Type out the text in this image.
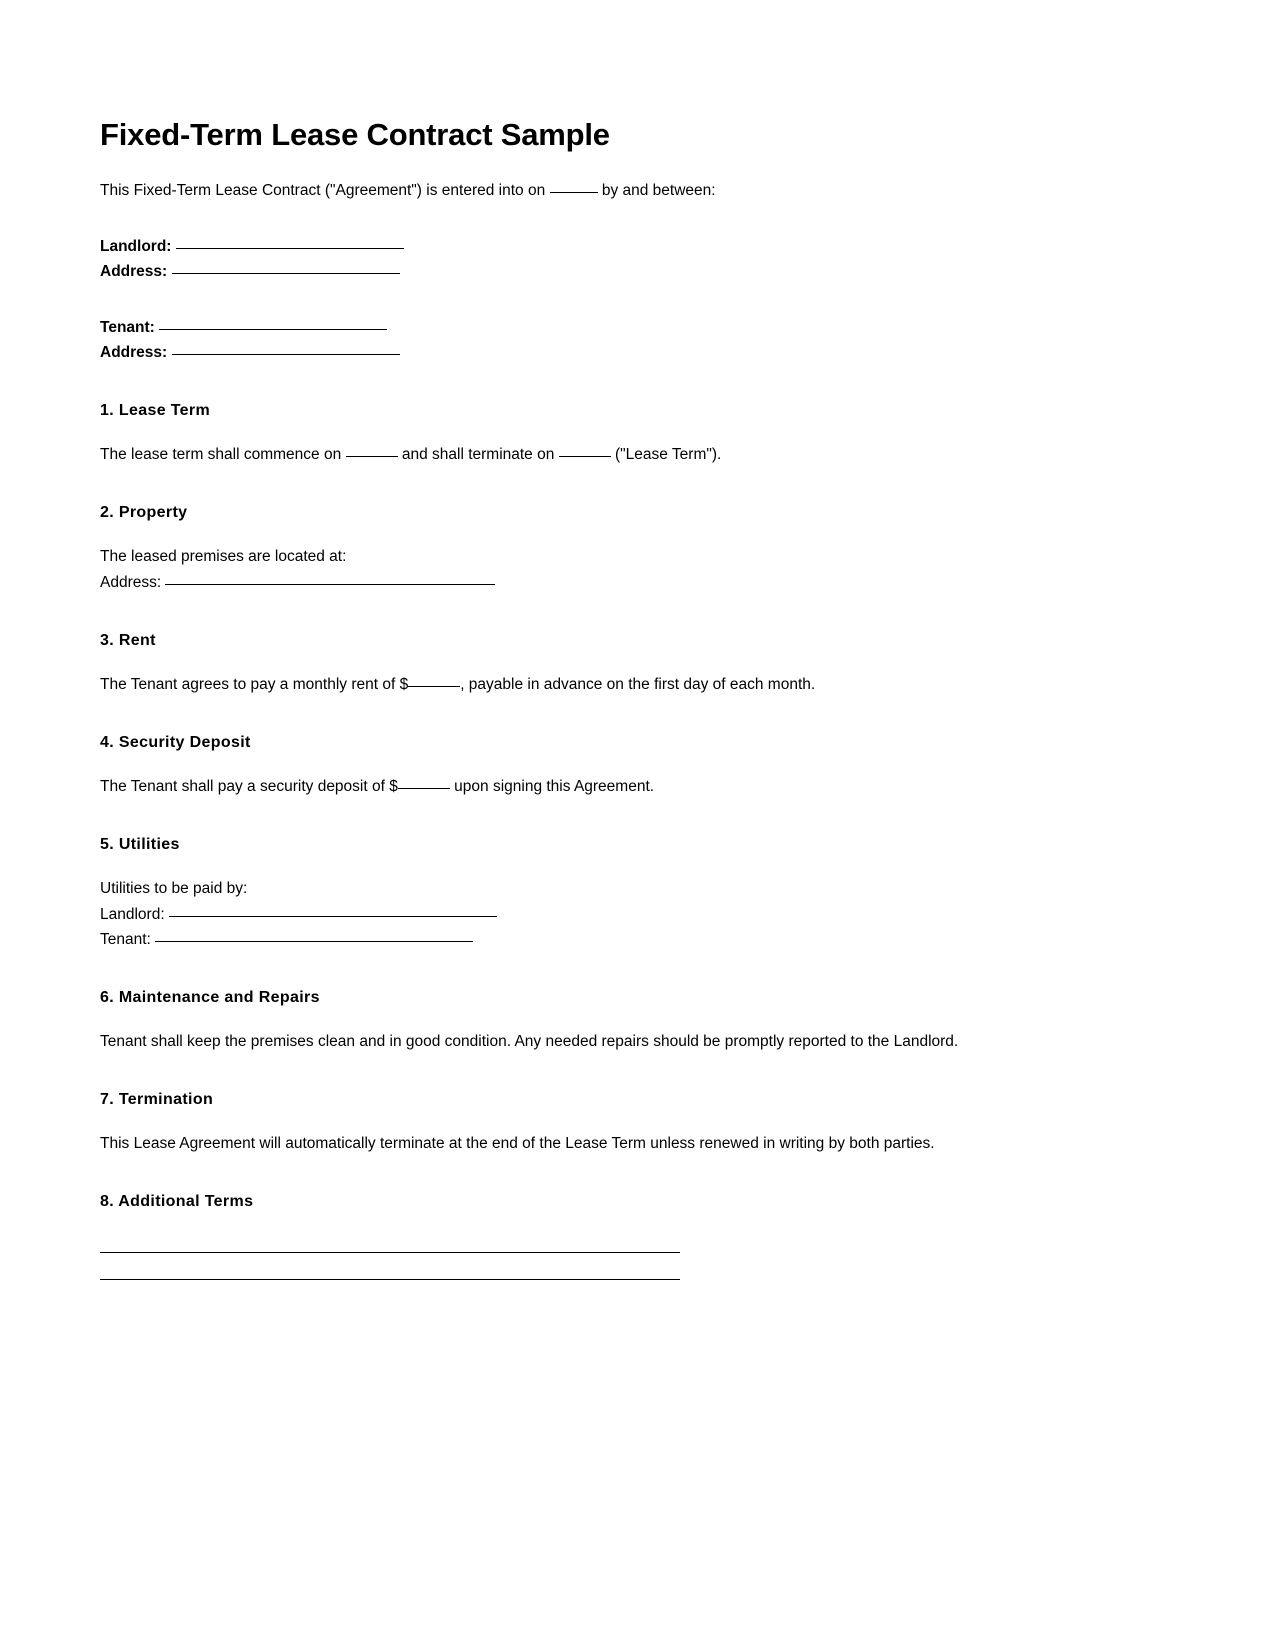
Fixed-Term Lease Contract Sample

This Fixed-Term Lease Contract ("Agreement") is entered into on	by and between:

Landlord:
Address:
Tenant:
Address:
1. Lease Term
The lease term shall commence on	and shall terminate on	("Lease Term").
2. Property
The leased premises are located at:
Address:
3. Rent
The Tenant agrees to pay a monthly rent of $	, payable in advance on the first day of each month.
4. Security Deposit
The Tenant shall pay a security deposit of $	upon signing this Agreement.
5. Utilities
Utilities to be paid by:
Landlord:
Tenant:
6. Maintenance and Repairs
Tenant shall keep the premises clean and in good condition. Any needed repairs should be promptly reported to the Landlord.
7. Termination
This Lease Agreement will automatically terminate at the end of the Lease Term unless renewed in writing by both parties.
8. Additional Terms
